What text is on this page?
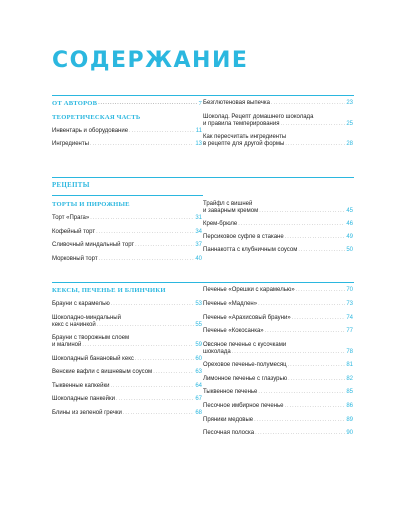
СОДЕРЖАНИЕ
РЕЦЕПТЫ
ОТ АВТОРОВ .....	7
ТЕОРЕТИЧЕСКАЯ ЧАСТЬ
Инвентарь и оборудование .....	11
Ингредиенты .....	13
Безглютеновая выпечка .....	23
Шоколад. Рецепт домашнего шоколада
и правила темперирования .....	25
Как пересчитать ингредиенты
в рецепте для другой формы .....	28
ТОРТЫ И ПИРОЖНЫЕ
Торт «Прага» .....	31
Кофейный торт .....	34
Сливочный миндальный торт .....	37
Морковный торт .....	40
Трайфл с вишней
и заварным кремом .....	45
Крем-брюле .....	46
Персиковое суфле в стакане .....	49
Паннакотта с клубничным соусом .....	50
КЕКСЫ, ПЕЧЕНЬЕ И БЛИНЧИКИ
Брауни с карамелью .....	53
Шоколадно-миндальный
кекс с начинкой .....	55
Брауни с творожным слоем
и малиной .....	59
Шоколадный банановый кекс .....	60
Венские вафли с вишневым соусом .....	63
Тыквенные капкейки .....	64
Шоколадные панкейки .....	67
Блины из зеленой гречки .....	68
Печенье «Орешки с карамелью» .....	70
Печенье «Мадлен» .....	73
Печенье «Арахисовый брауни» .....	74
Печенье «Кокосанка» .....	77
Овсяное печенье с кусочками
шоколада .....	78
Ореховое печенье-полумесяц .....	81
Лимонное печенье с глазурью .....	82
Тыквенное печенье .....	85
Песочное имбирное печенье .....	86
Пряники медовые .....	89
Песочная полоска .....	90
